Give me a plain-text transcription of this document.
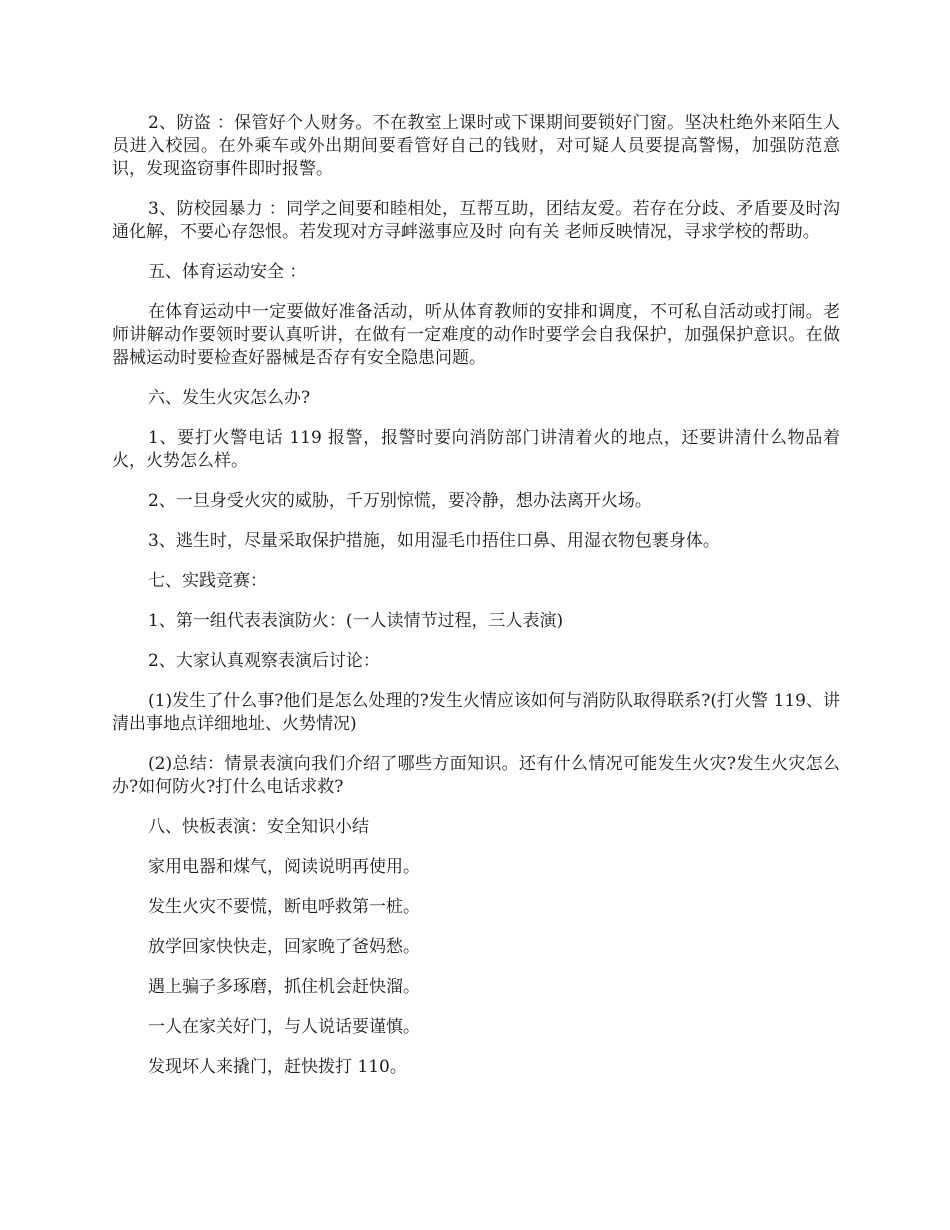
2、防盗 ：保管好个人财务。不在教室上课时或下课期间要锁好门窗。坚决杜绝外来陌生人员进入校园。在外乘车或外出期间要看管好自己的钱财，对可疑人员要提高警惕，加强防范意识，发现盗窃事件即时报警。

3、防校园暴力 ：同学之间要和睦相处，互帮互助，团结友爱。若存在分歧、矛盾要及时沟通化解，不要心存怨恨。若发现对方寻衅滋事应及时 向有关 老师反映情况，寻求学校的帮助。

五、体育运动安全 ：

在体育运动中一定要做好准备活动，听从体育教师的安排和调度，不可私自活动或打闹。老师讲解动作要领时要认真听讲，在做有一定难度的动作时要学会自我保护，加强保护意识。在做器械运动时要检查好器械是否存有安全隐患问题。

六、发生火灾怎么办?

1、要打火警电话 119 报警，报警时要向消防部门讲清着火的地点，还要讲清什么物品着火，火势怎么样。

2、一旦身受火灾的威胁，千万别惊慌，要冷静，想办法离开火场。

3、逃生时，尽量采取保护措施，如用湿毛巾捂住口鼻、用湿衣物包裹身体。

七、实践竞赛：

1、第一组代表表演防火：(一人读情节过程，三人表演)

2、大家认真观察表演后讨论：

(1)发生了什么事?他们是怎么处理的?发生火情应该如何与消防队取得联系?(打火警 119、讲清出事地点详细地址、火势情况)

(2)总结：情景表演向我们介绍了哪些方面知识。还有什么情况可能发生火灾?发生火灾怎么办?如何防火?打什么电话求救?

八、快板表演：安全知识小结

家用电器和煤气，阅读说明再使用。

发生火灾不要慌，断电呼救第一桩。

放学回家快快走，回家晚了爸妈愁。

遇上骗子多琢磨，抓住机会赶快溜。

一人在家关好门，与人说话要谨慎。

发现坏人来撬门，赶快拨打 110。
